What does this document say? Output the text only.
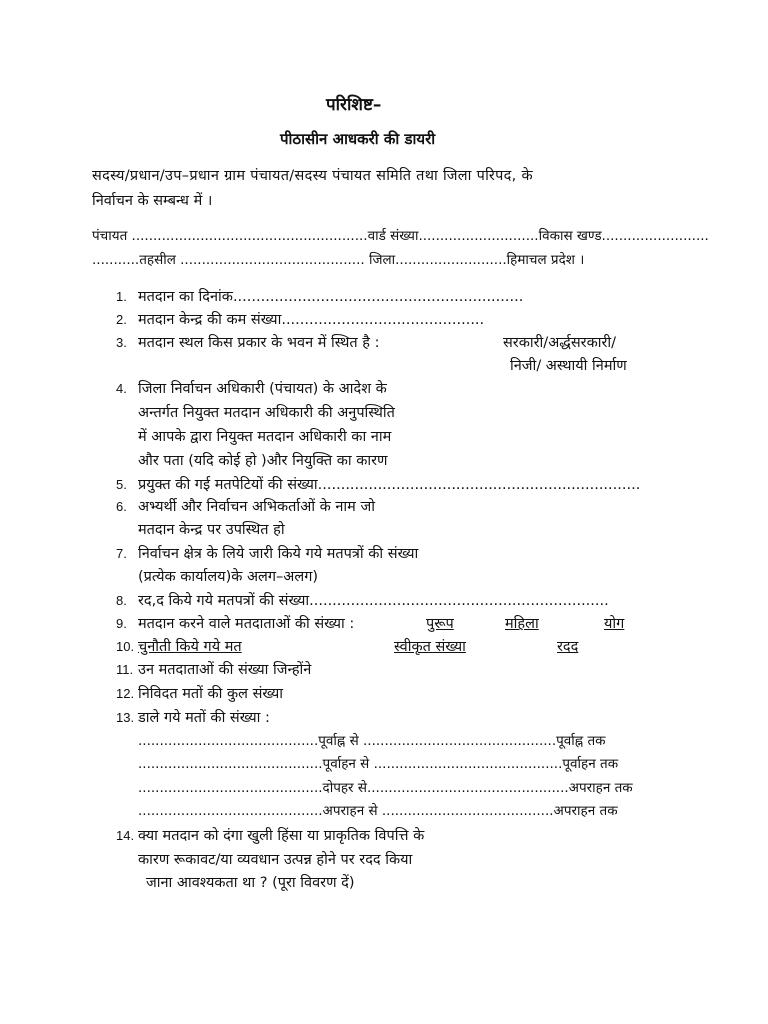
परिशिष्ट–
पीठासीन आधकरी की डायरी
सदस्य/प्रधान/उप–प्रधान ग्राम पंचायत/सदस्य पंचायत समिति तथा जिला परिपद, के
निर्वाचन के सम्बन्ध में ।
पंचायत .......................................................वार्ड संख्या............................विकास खण्ड.........................
...........तहसील ........................................... जिला..........................हिमाचल प्रदेश ।
1. मतदान का दिनांक...............................................................
2. मतदान केन्द्र की कम संख्या............................................
3. मतदान स्थल किस प्रकार के भवन में स्थित है :	सरकारी/अर्द्धसरकारी/
निजी/ अस्थायी निर्माण
4. जिला निर्वाचन अधिकारी (पंचायत) के आदेश के
अन्तर्गत नियुक्त मतदान अधिकारी की अनुपस्थिति
में आपके द्वारा नियुक्त मतदान अधिकारी का नाम
और पता (यदि कोई हो )और नियुक्ति का कारण
5. प्रयुक्त की गई मतपेटियों की संख्या......................................................................
6. अभ्यर्थी और निर्वाचन अभिकर्ताओं के नाम जो
मतदान केन्द्र पर उपस्थित हो
7. निर्वाचन क्षेत्र के लिये जारी किये गये मतपत्रों की संख्या
(प्रत्येक कार्यालय)के अलग–अलग)
8. रद,द किये गये मतपत्रों की संख्या.................................................................
9. मतदान करने वाले मतदाताओं की संख्या :	पुरूप	महिला	योग
10. चुनौती किये गये मत	स्वीकृत संख्या	रदद
11. उन मतदाताओं की संख्या जिन्होंने
12. निविदत मतों की कुल संख्या
13. डाले गये मतों की संख्या :
..........................................पूर्वाह्न से .............................................पूर्वाह्न तक
...........................................पूर्वाहन से ............................................पूर्वाहन तक
...........................................दोपहर से...............................................अपराहन तक
...........................................अपराहन से ........................................अपराहन तक
14. क्या मतदान को दंगा खुली हिंसा या प्राकृतिक विपत्ति के
कारण रूकावट/या व्यवधान उत्पन्न होने पर रदद किया
जाना आवश्यकता था ? (पूरा विवरण दें)
